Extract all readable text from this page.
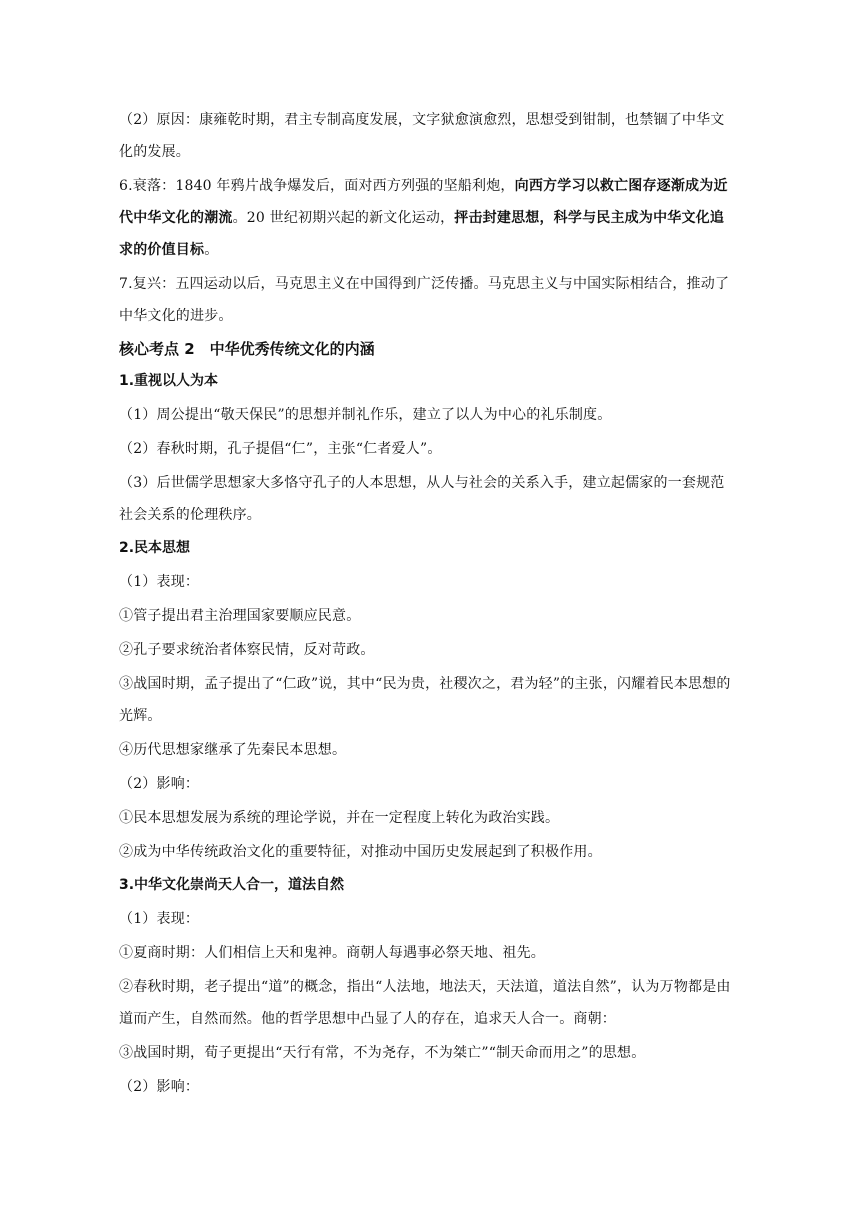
（2）原因：康雍乾时期，君主专制高度发展，文字狱愈演愈烈，思想受到钳制，也禁锢了中华文化的发展。
6.衰落：1840 年鸦片战争爆发后，面对西方列强的坚船利炮，向西方学习以救亡图存逐渐成为近代中华文化的潮流。20 世纪初期兴起的新文化运动，抨击封建思想，科学与民主成为中华文化追求的价值目标。
7.复兴：五四运动以后，马克思主义在中国得到广泛传播。马克思主义与中国实际相结合，推动了中华文化的进步。
核心考点 2　中华优秀传统文化的内涵
1.重视以人为本
（1）周公提出“敬天保民”的思想并制礼作乐，建立了以人为中心的礼乐制度。
（2）春秋时期，孔子提倡“仁”，主张“仁者爱人”。
（3）后世儒学思想家大多恪守孔子的人本思想，从人与社会的关系入手，建立起儒家的一套规范社会关系的伦理秩序。
2.民本思想
（1）表现：
①管子提出君主治理国家要顺应民意。
②孔子要求统治者体察民情，反对苛政。
③战国时期，孟子提出了“仁政”说，其中“民为贵，社稷次之，君为轻”的主张，闪耀着民本思想的光辉。
④历代思想家继承了先秦民本思想。
（2）影响：
①民本思想发展为系统的理论学说，并在一定程度上转化为政治实践。
②成为中华传统政治文化的重要特征，对推动中国历史发展起到了积极作用。
3.中华文化崇尚天人合一，道法自然
（1）表现：
①夏商时期：人们相信上天和鬼神。商朝人每遇事必祭天地、祖先。
②春秋时期，老子提出“道”的概念，指出“人法地，地法天，天法道，道法自然”，认为万物都是由道而产生，自然而然。他的哲学思想中凸显了人的存在，追求天人合一。商朝：
③战国时期，荀子更提出“天行有常，不为尧存，不为桀亡”“制天命而用之”的思想。
（2）影响：
